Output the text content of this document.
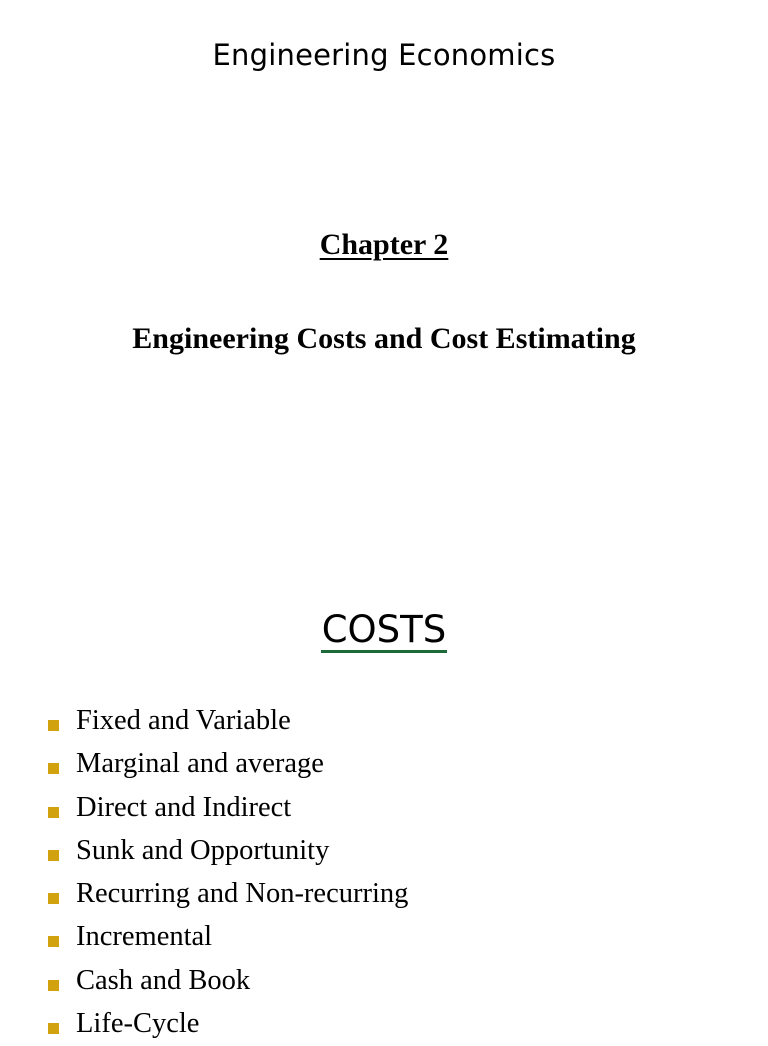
Engineering Economics
Chapter 2
Engineering Costs and Cost Estimating
COSTS
Fixed and Variable
Marginal and average
Direct and Indirect
Sunk and Opportunity
Recurring and Non-recurring
Incremental
Cash and Book
Life-Cycle
